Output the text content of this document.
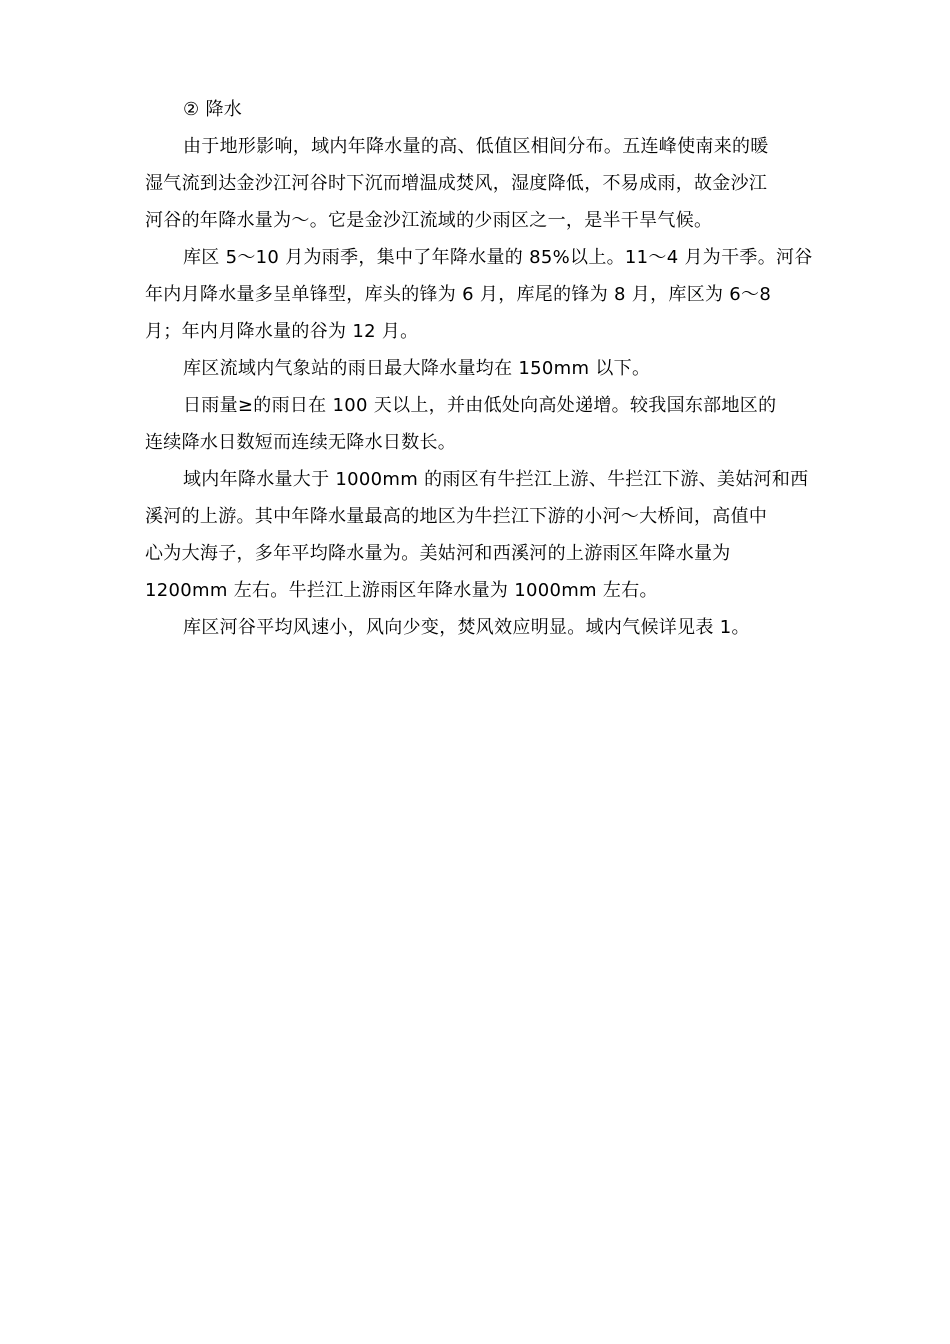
② 降水
由于地形影响，域内年降水量的高、低值区相间分布。五连峰使南来的暖
湿气流到达金沙江河谷时下沉而增温成焚风，湿度降低，不易成雨，故金沙江
河谷的年降水量为～。它是金沙江流域的少雨区之一，是半干旱气候。
库区 5～10 月为雨季，集中了年降水量的 85%以上。11～4 月为干季。河谷
年内月降水量多呈单锋型，库头的锋为 6 月，库尾的锋为 8 月，库区为 6～8
月；年内月降水量的谷为 12 月。
库区流域内气象站的雨日最大降水量均在 150mm 以下。
日雨量≥的雨日在 100 天以上，并由低处向高处递增。较我国东部地区的
连续降水日数短而连续无降水日数长。
域内年降水量大于 1000mm 的雨区有牛拦江上游、牛拦江下游、美姑河和西
溪河的上游。其中年降水量最高的地区为牛拦江下游的小河～大桥间，高值中
心为大海子，多年平均降水量为。美姑河和西溪河的上游雨区年降水量为
1200mm 左右。牛拦江上游雨区年降水量为 1000mm 左右。
库区河谷平均风速小，风向少变，焚风效应明显。域内气候详见表 1。
